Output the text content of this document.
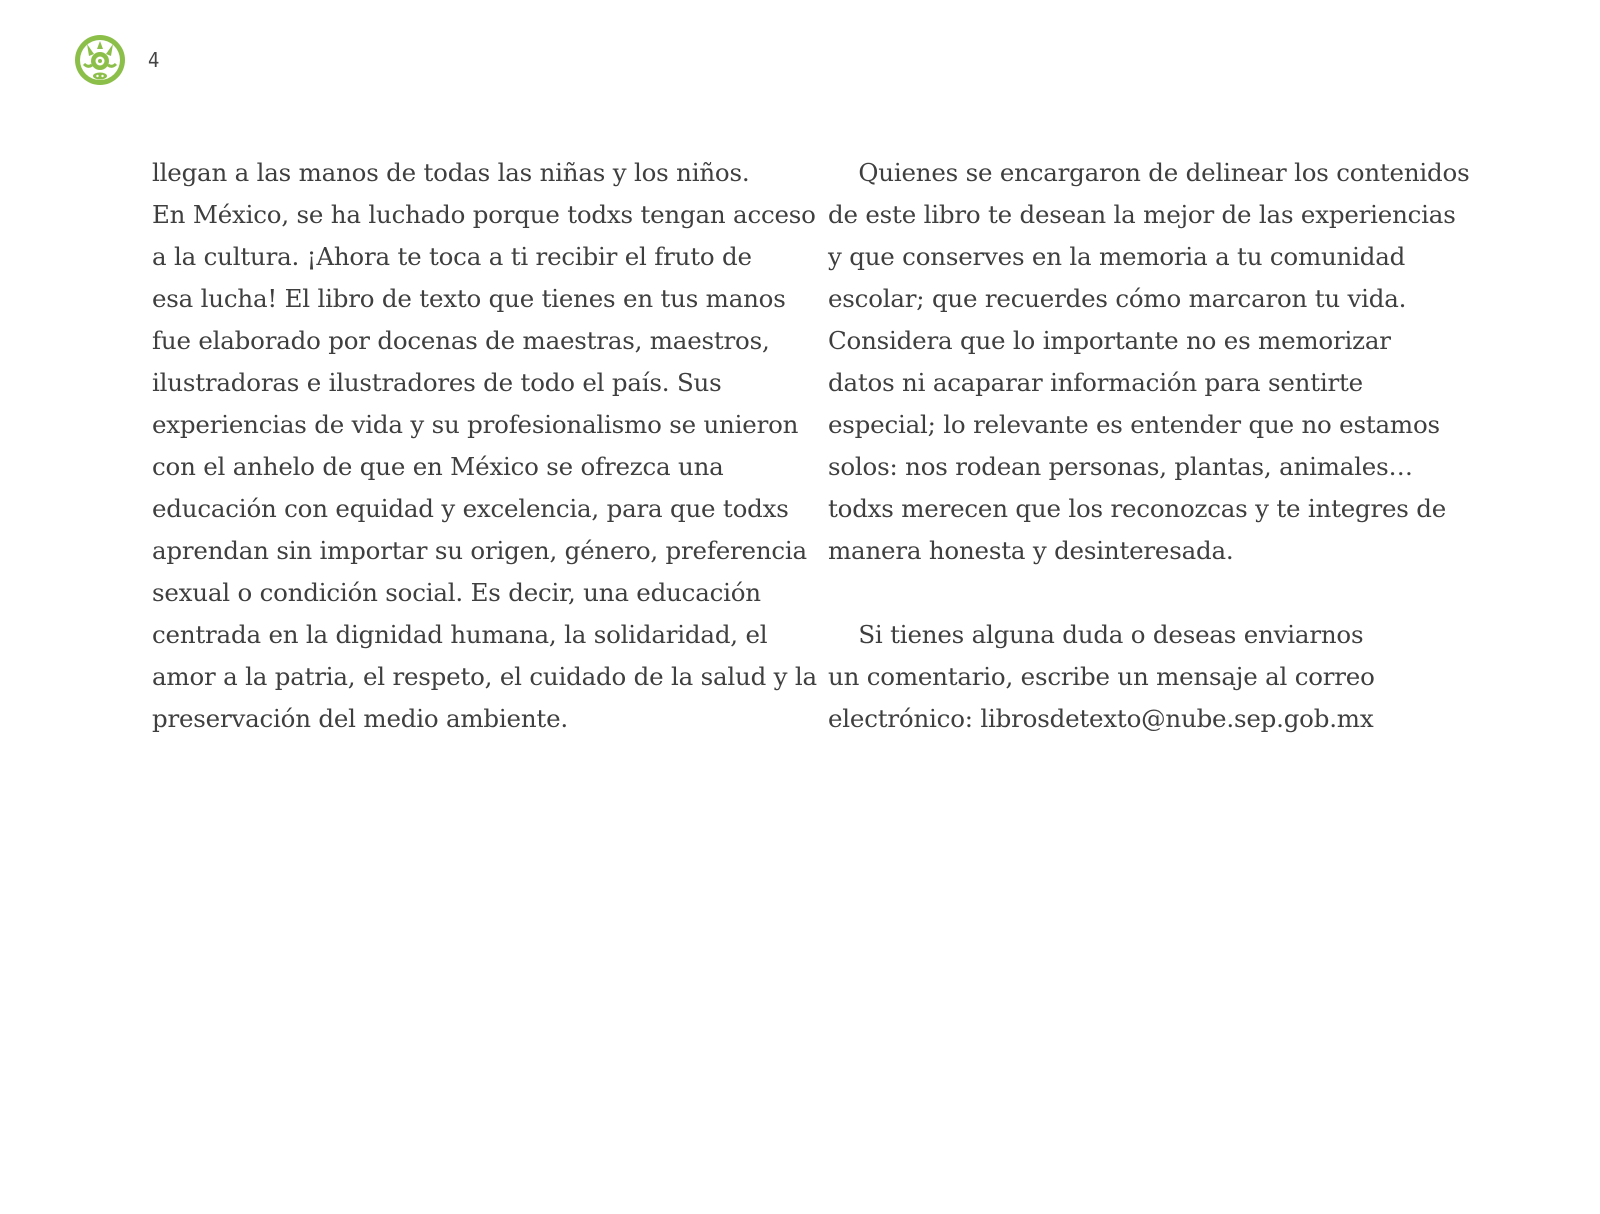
4
llegan a las manos de todas las niñas y los niños.
En México, se ha luchado porque todxs tengan acceso
a la cultura. ¡Ahora te toca a ti recibir el fruto de
esa lucha! El libro de texto que tienes en tus manos
fue elaborado por docenas de maestras, maestros,
ilustradoras e ilustradores de todo el país. Sus
experiencias de vida y su profesionalismo se unieron
con el anhelo de que en México se ofrezca una
educación con equidad y excelencia, para que todxs
aprendan sin importar su origen, género, preferencia
sexual o condición social. Es decir, una educación
centrada en la dignidad humana, la solidaridad, el
amor a la patria, el respeto, el cuidado de la salud y la
preservación del medio ambiente.
Quienes se encargaron de delinear los contenidos
de este libro te desean la mejor de las experiencias
y que conserves en la memoria a tu comunidad
escolar; que recuerdes cómo marcaron tu vida.
Considera que lo importante no es memorizar
datos ni acaparar información para sentirte
especial; lo relevante es entender que no estamos
solos: nos rodean personas, plantas, animales…
todxs merecen que los reconozcas y te integres de
manera honesta y desinteresada.
Si tienes alguna duda o deseas enviarnos
un comentario, escribe un mensaje al correo
electrónico: librosdetexto@nube.sep.gob.mx
